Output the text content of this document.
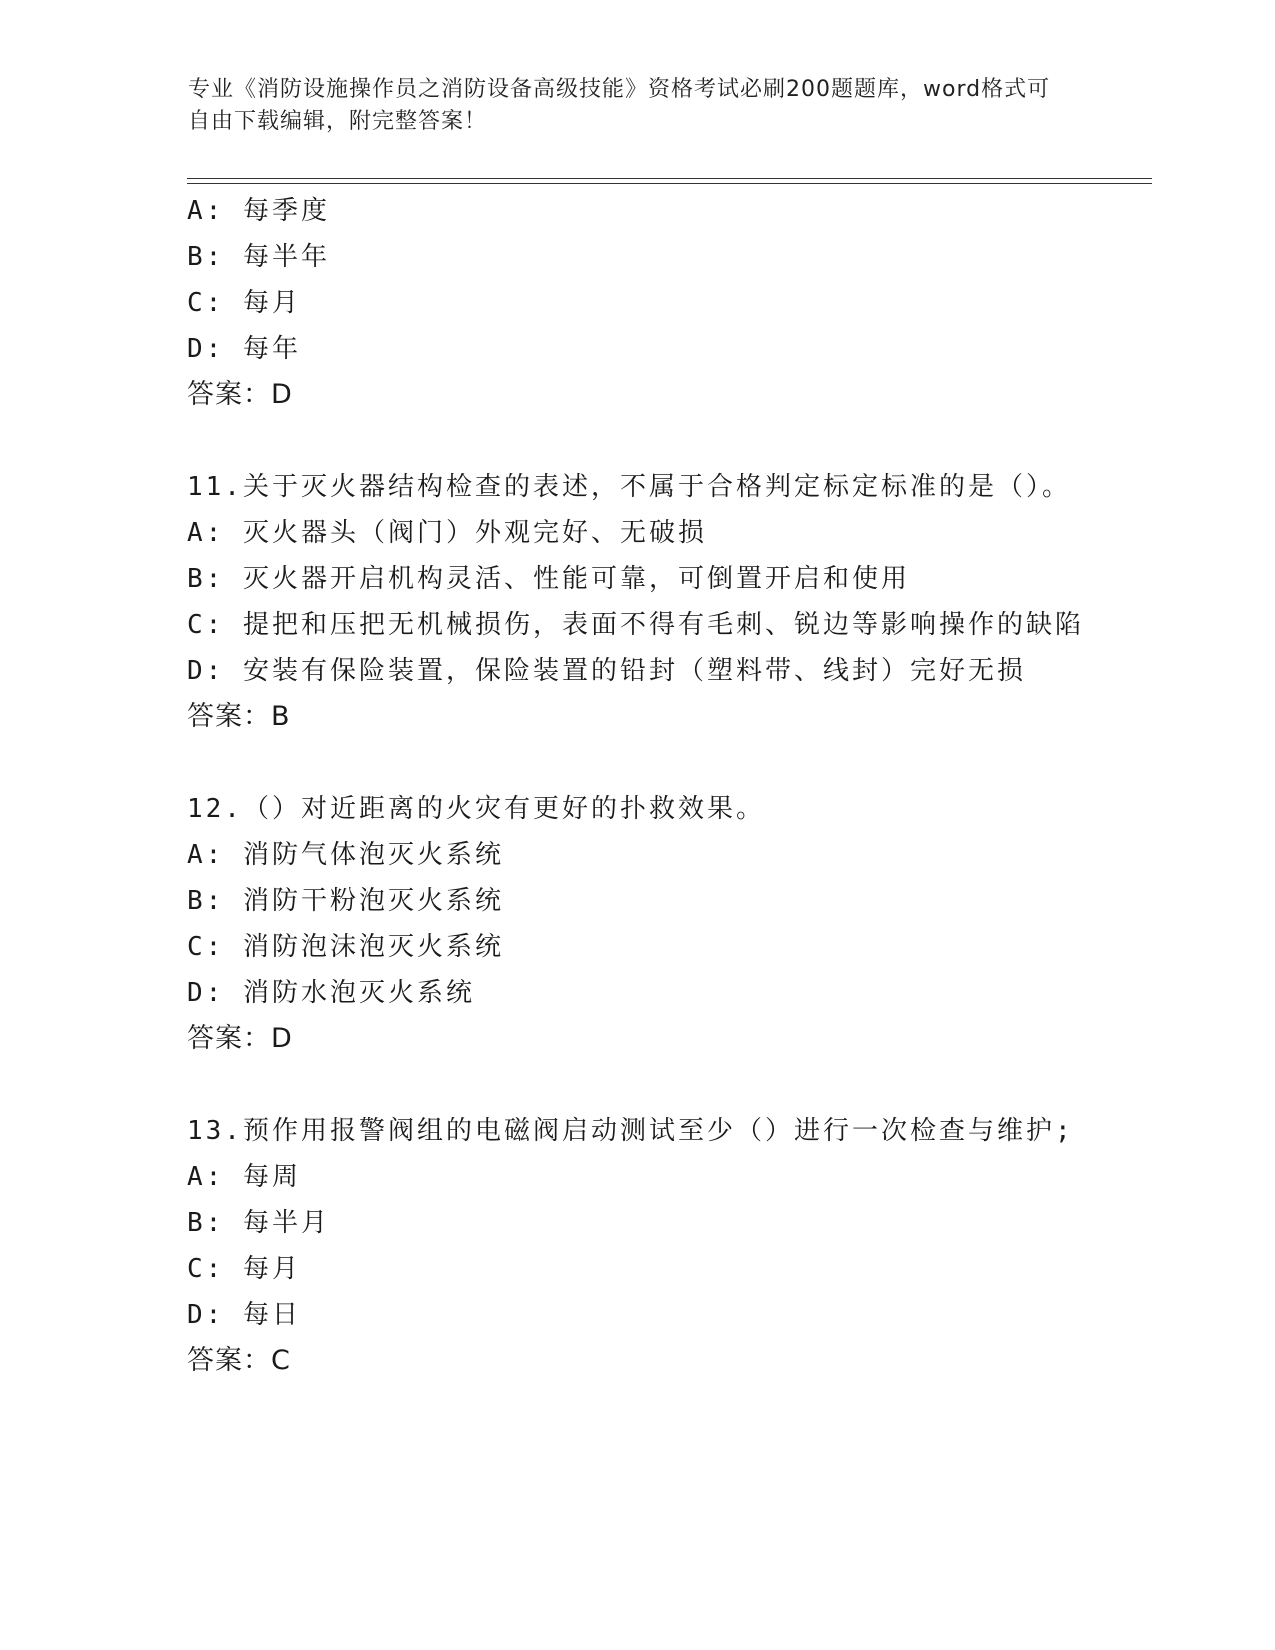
专业《消防设施操作员之消防设备高级技能》资格考试必刷200题题库，word格式可自由下载编辑，附完整答案！
A: 每季度
B: 每半年
C: 每月
D: 每年
答案：D
11.关于灭火器结构检查的表述，不属于合格判定标定标准的是（）。
A: 灭火器头（阀门）外观完好、无破损
B: 灭火器开启机构灵活、性能可靠，可倒置开启和使用
C: 提把和压把无机械损伤，表面不得有毛刺、锐边等影响操作的缺陷
D: 安装有保险装置，保险装置的铅封（塑料带、线封）完好无损
答案：B
12.（）对近距离的火灾有更好的扑救效果。
A: 消防气体泡灭火系统
B: 消防干粉泡灭火系统
C: 消防泡沫泡灭火系统
D: 消防水泡灭火系统
答案：D
13.预作用报警阀组的电磁阀启动测试至少（）进行一次检查与维护;
A: 每周
B: 每半月
C: 每月
D: 每日
答案：C
